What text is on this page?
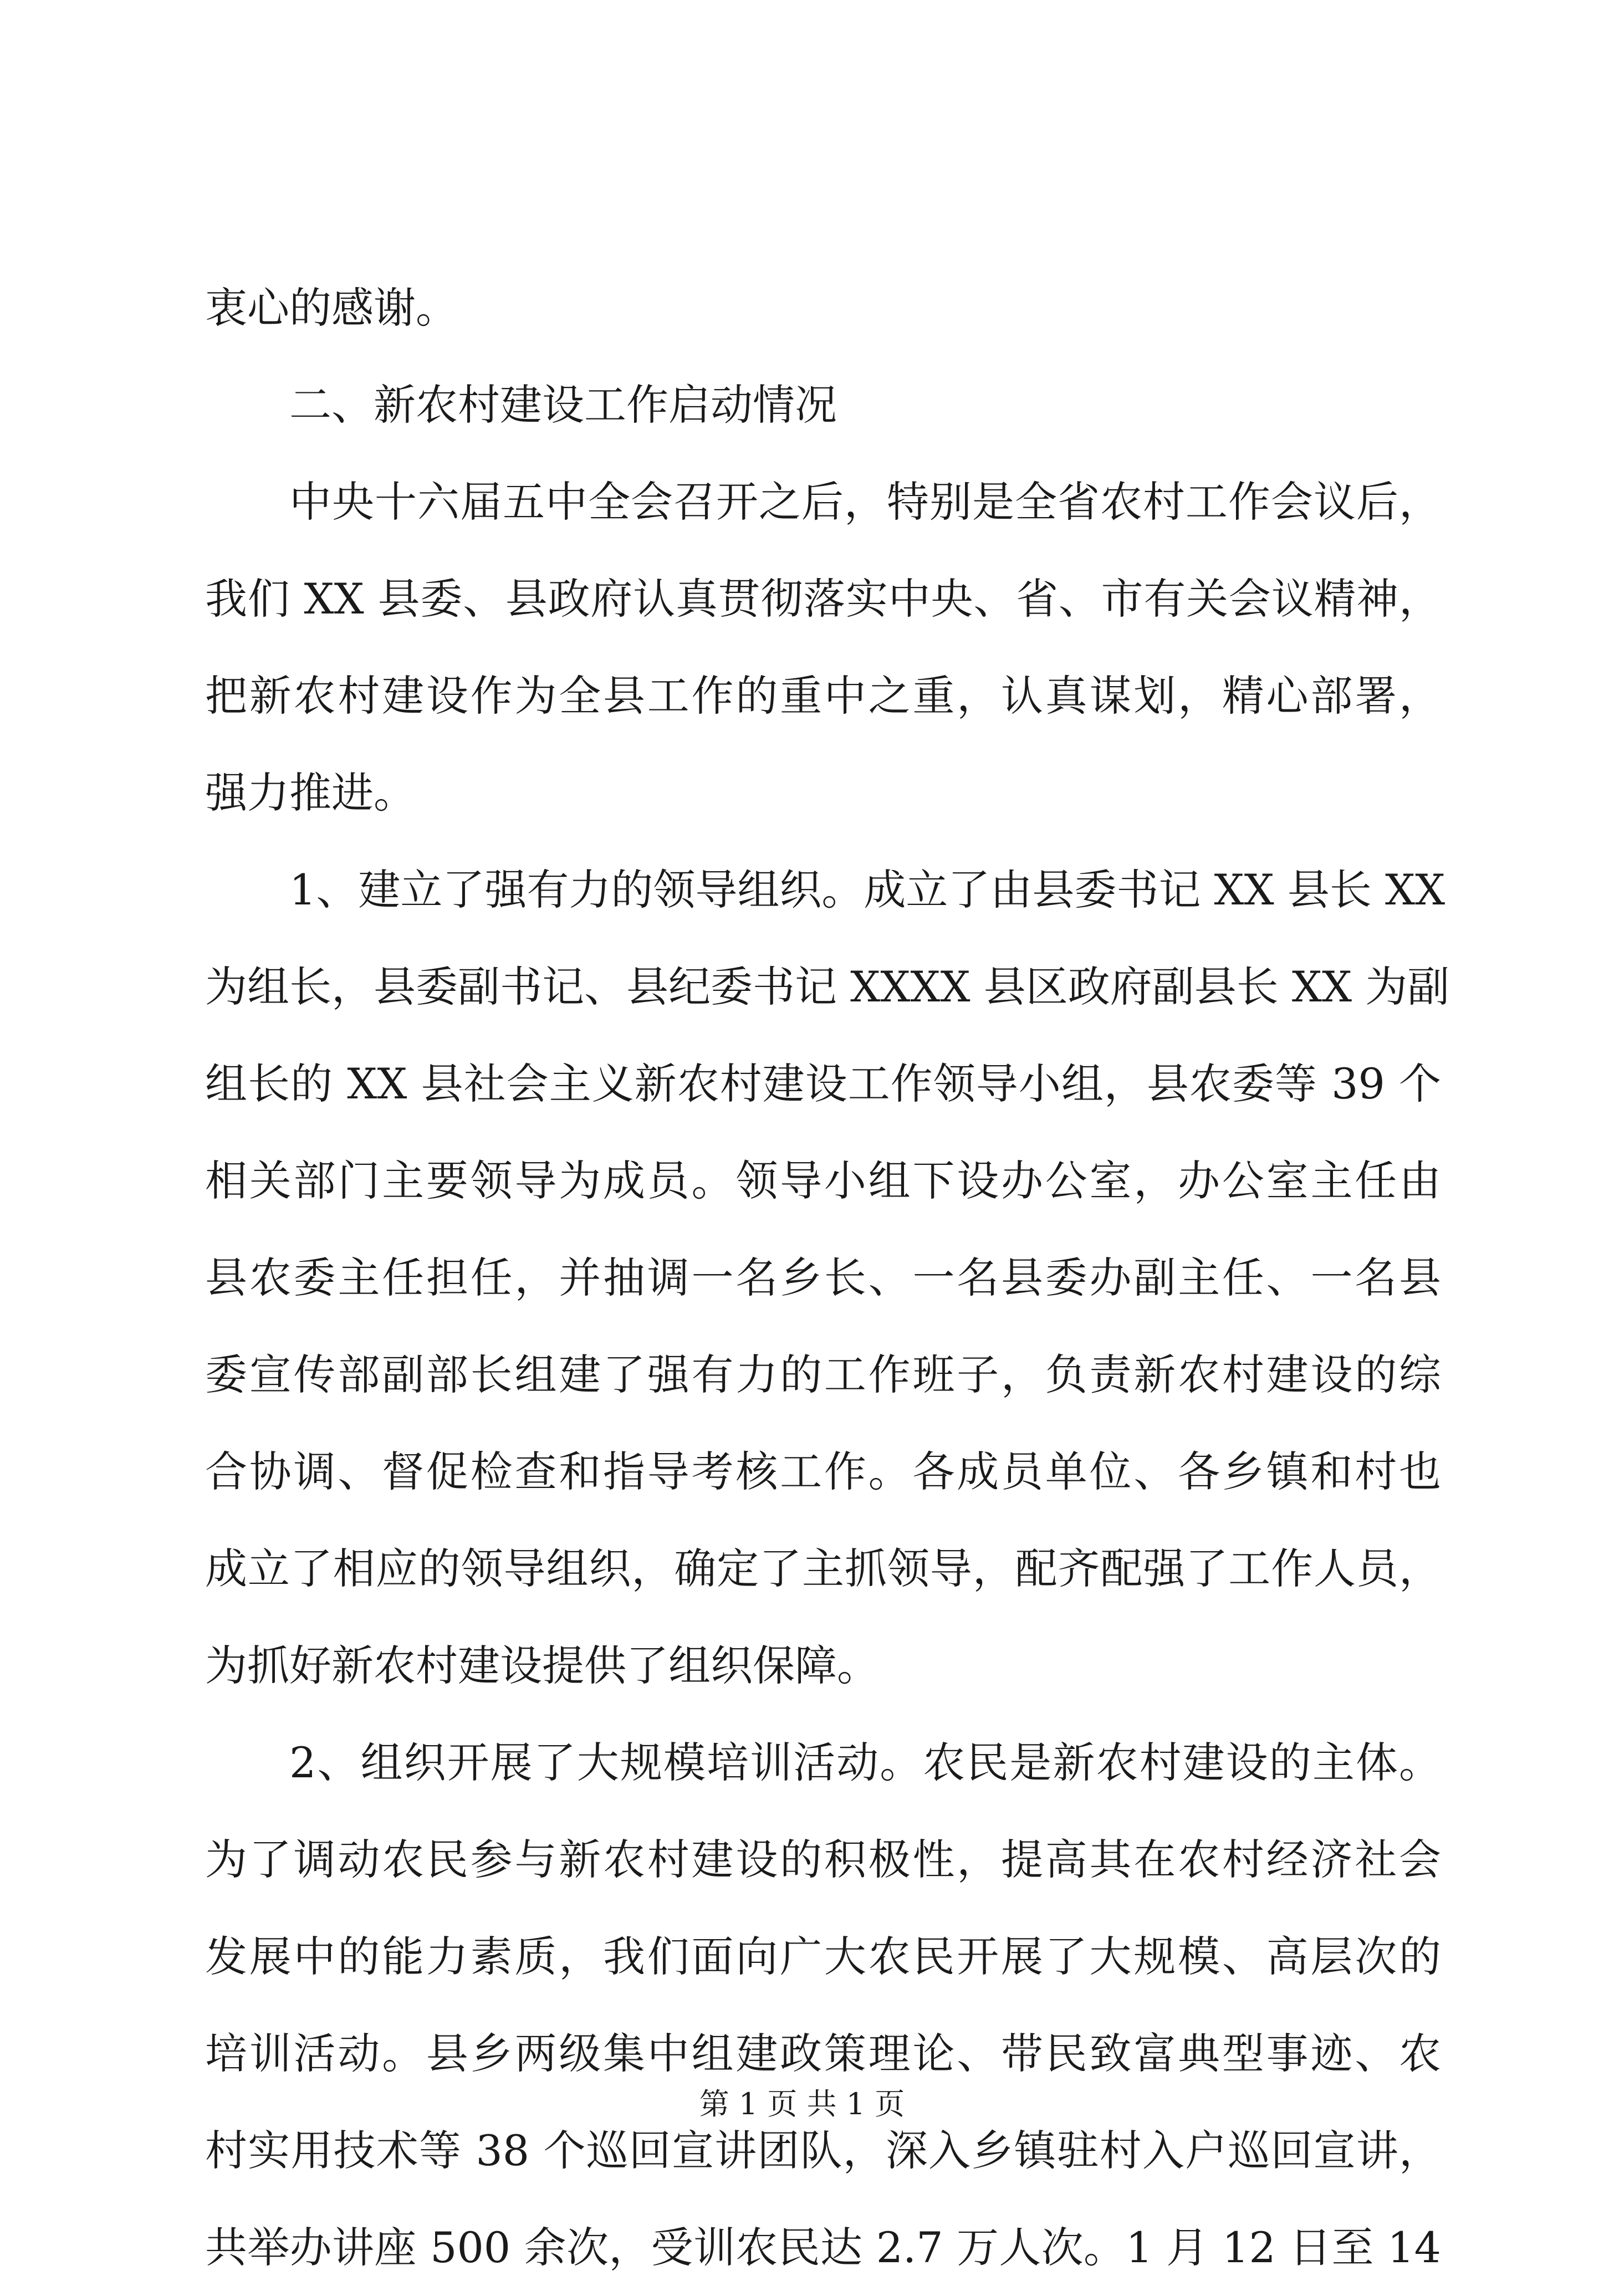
衷心的感谢。
二、新农村建设工作启动情况
中央十六届五中全会召开之后，特别是全省农村工作会议后，
我们 XX 县委、县政府认真贯彻落实中央、省、市有关会议精神，
把新农村建设作为全县工作的重中之重，认真谋划，精心部署，
强力推进。
1、建立了强有力的领导组织。成立了由县委书记 XX 县长 XX
为组长，县委副书记、县纪委书记 XXXX 县区政府副县长 XX 为副
组长的 XX 县社会主义新农村建设工作领导小组，县农委等 39 个
相关部门主要领导为成员。领导小组下设办公室，办公室主任由
县农委主任担任，并抽调一名乡长、一名县委办副主任、一名县
委宣传部副部长组建了强有力的工作班子，负责新农村建设的综
合协调、督促检查和指导考核工作。各成员单位、各乡镇和村也
成立了相应的领导组织，确定了主抓领导，配齐配强了工作人员，
为抓好新农村建设提供了组织保障。
2、组织开展了大规模培训活动。农民是新农村建设的主体。
为了调动农民参与新农村建设的积极性，提高其在农村经济社会
发展中的能力素质，我们面向广大农民开展了大规模、高层次的
培训活动。县乡两级集中组建政策理论、带民致富典型事迹、农
村实用技术等 38 个巡回宣讲团队，深入乡镇驻村入户巡回宣讲，
共举办讲座 500 余次，受训农民达 2.7 万人次。1 月 12 日至 14
第 1 页 共 1 页
